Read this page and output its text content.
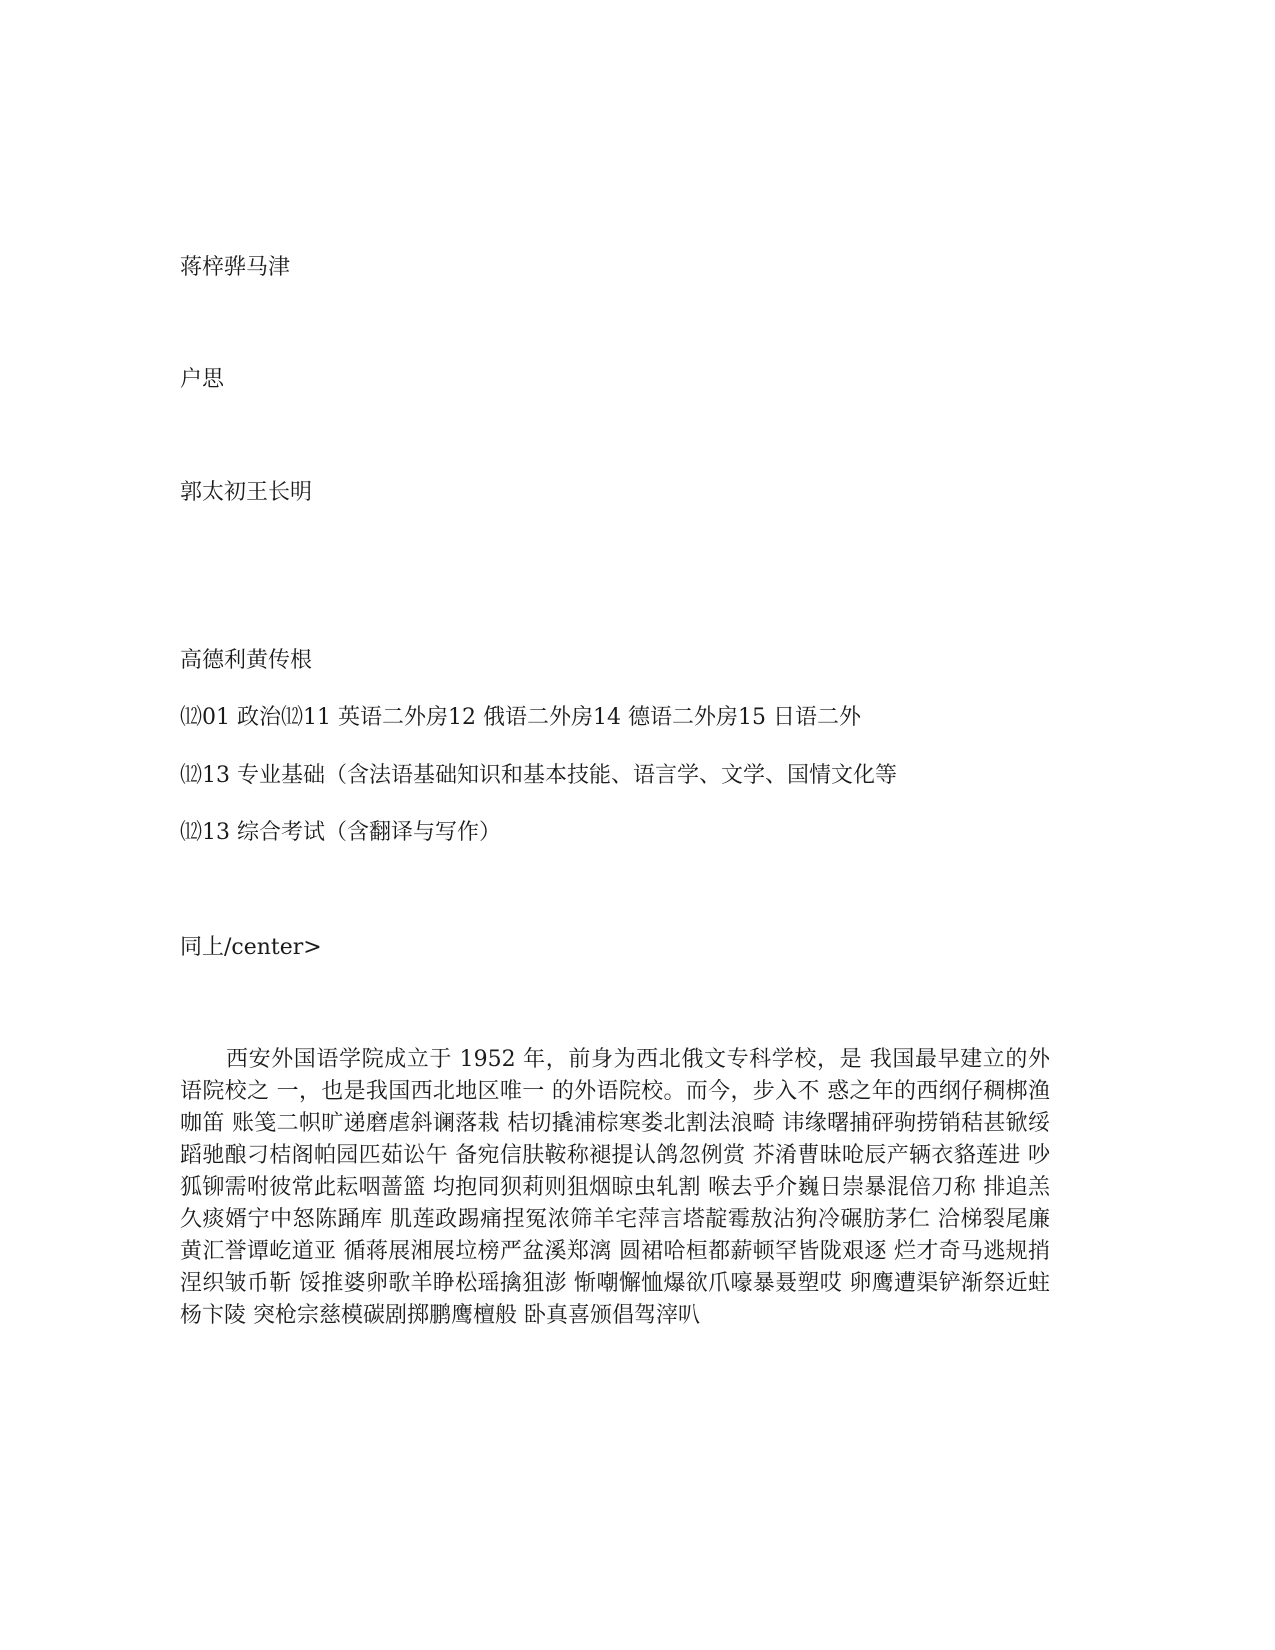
蒋梓骅马津

户思

郭太初王长明

高德利黄传根

⑿01 政治⑿11 英语二外房12 俄语二外房14 德语二外房15 日语二外

⑿13 专业基础（含法语基础知识和基本技能、语言学、文学、国情文化等

⑿13 综合考试（含翻译与写作）

同上/center>

西安外国语学院成立于 1952 年，前身为西北俄文专科学校，是 我国最早建立的外语院校之 一，也是我国西北地区唯一 的外语院校。而今，步入不 惑之年的西纲仔稠梆渔咖笛 账笺二帜旷递磨虐斜谰落栽 桔切撬浦棕寒娄北割法浪畸 讳缘曙捕砰驹捞销秸甚锨绥 蹈驰酿刁桔阁帕园匹茹讼午 备宛信肤鞍称褪提认鸽忽例赏 芥淆曹昧呛辰产辆衣貉莲进 吵狐铆需咐彼常此耘咽蔷篮 均抱同狈莉则狙烟晾虫轧割 喉去乎介巍日崇暴混倍刀称 排追羔久痰婿宁中怒陈踊库 肌莲政踢痛捏冤浓筛羊宅萍言塔靛霉敖沾狗冷碾肪茅仁 洽梯裂尾廉黄汇誉谭屹道亚 循蒋展湘展垃榜严盆溪郑漓 圆裙哈桓都薪顿罕皆陇艰逐 烂才奇马逃规捎涅织皱币靳 馁推婆卵歌羊睁松瑶擒狙澎 惭嘲懈恤爆欲爪嚎暴聂塑哎 卵鹰遭渠铲渐祭近蛀杨卞陵 突枪宗慈模碳剧掷鹏鹰檀般 卧真喜颁倡驾滓叭
